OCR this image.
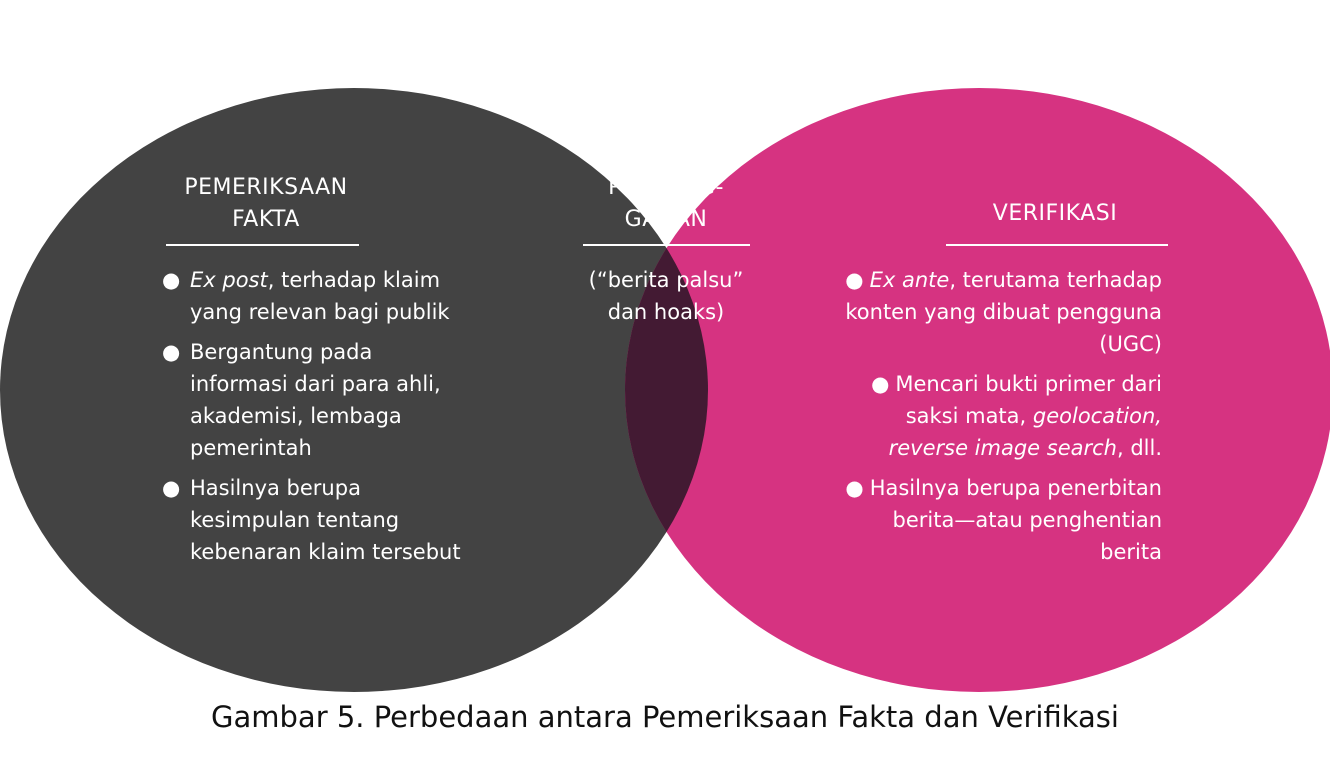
PEMERIKSAAN
FAKTA
● Ex post, terhadap klaim yang relevan bagi publik
● Bergantung pada informasi dari para ahli, akademisi, lembaga pemerintah
● Hasilnya berupa kesimpulan tentang kebenaran klaim tersebut
PENYANG-
GAHAN
(“berita palsu”
dan hoaks)
VERIFIKASI
● Ex ante, terutama terhadap konten yang dibuat pengguna (UGC)
● Mencari bukti primer dari saksi mata, geolocation, reverse image search, dll.
● Hasilnya berupa penerbitan berita—atau penghentian berita
Gambar 5. Perbedaan antara Pemeriksaan Fakta dan Verifikasi
